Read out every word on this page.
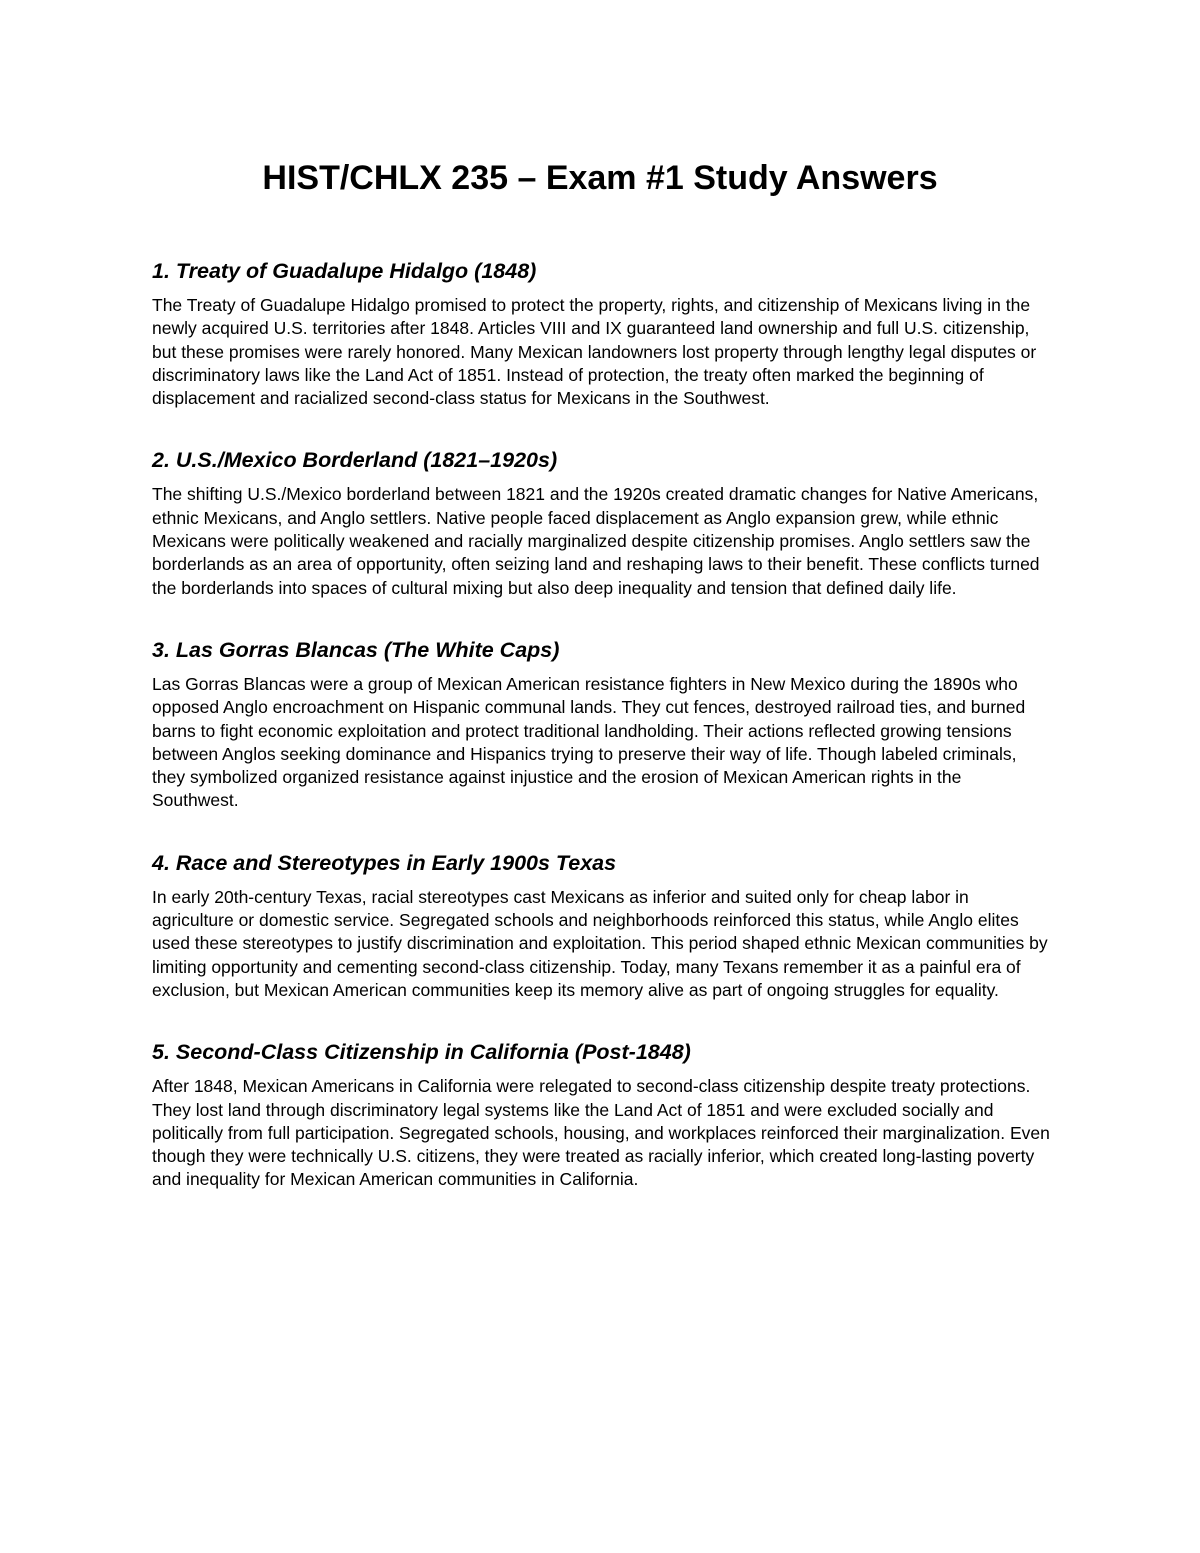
HIST/CHLX 235 – Exam #1 Study Answers
1. Treaty of Guadalupe Hidalgo (1848)

The Treaty of Guadalupe Hidalgo promised to protect the property, rights, and citizenship of Mexicans living in the newly acquired U.S. territories after 1848. Articles VIII and IX guaranteed land ownership and full U.S. citizenship, but these promises were rarely honored. Many Mexican landowners lost property through lengthy legal disputes or discriminatory laws like the Land Act of 1851. Instead of protection, the treaty often marked the beginning of displacement and racialized second-class status for Mexicans in the Southwest.

2. U.S./Mexico Borderland (1821–1920s)

The shifting U.S./Mexico borderland between 1821 and the 1920s created dramatic changes for Native Americans, ethnic Mexicans, and Anglo settlers. Native people faced displacement as Anglo expansion grew, while ethnic Mexicans were politically weakened and racially marginalized despite citizenship promises. Anglo settlers saw the borderlands as an area of opportunity, often seizing land and reshaping laws to their benefit. These conflicts turned the borderlands into spaces of cultural mixing but also deep inequality and tension that defined daily life.

3. Las Gorras Blancas (The White Caps)

Las Gorras Blancas were a group of Mexican American resistance fighters in New Mexico during the 1890s who opposed Anglo encroachment on Hispanic communal lands. They cut fences, destroyed railroad ties, and burned barns to fight economic exploitation and protect traditional landholding. Their actions reflected growing tensions between Anglos seeking dominance and Hispanics trying to preserve their way of life. Though labeled criminals, they symbolized organized resistance against injustice and the erosion of Mexican American rights in the Southwest.

4. Race and Stereotypes in Early 1900s Texas

In early 20th-century Texas, racial stereotypes cast Mexicans as inferior and suited only for cheap labor in agriculture or domestic service. Segregated schools and neighborhoods reinforced this status, while Anglo elites used these stereotypes to justify discrimination and exploitation. This period shaped ethnic Mexican communities by limiting opportunity and cementing second-class citizenship. Today, many Texans remember it as a painful era of exclusion, but Mexican American communities keep its memory alive as part of ongoing struggles for equality.

5. Second-Class Citizenship in California (Post-1848)

After 1848, Mexican Americans in California were relegated to second-class citizenship despite treaty protections. They lost land through discriminatory legal systems like the Land Act of 1851 and were excluded socially and politically from full participation. Segregated schools, housing, and workplaces reinforced their marginalization. Even though they were technically U.S. citizens, they were treated as racially inferior, which created long-lasting poverty and inequality for Mexican American communities in California.
